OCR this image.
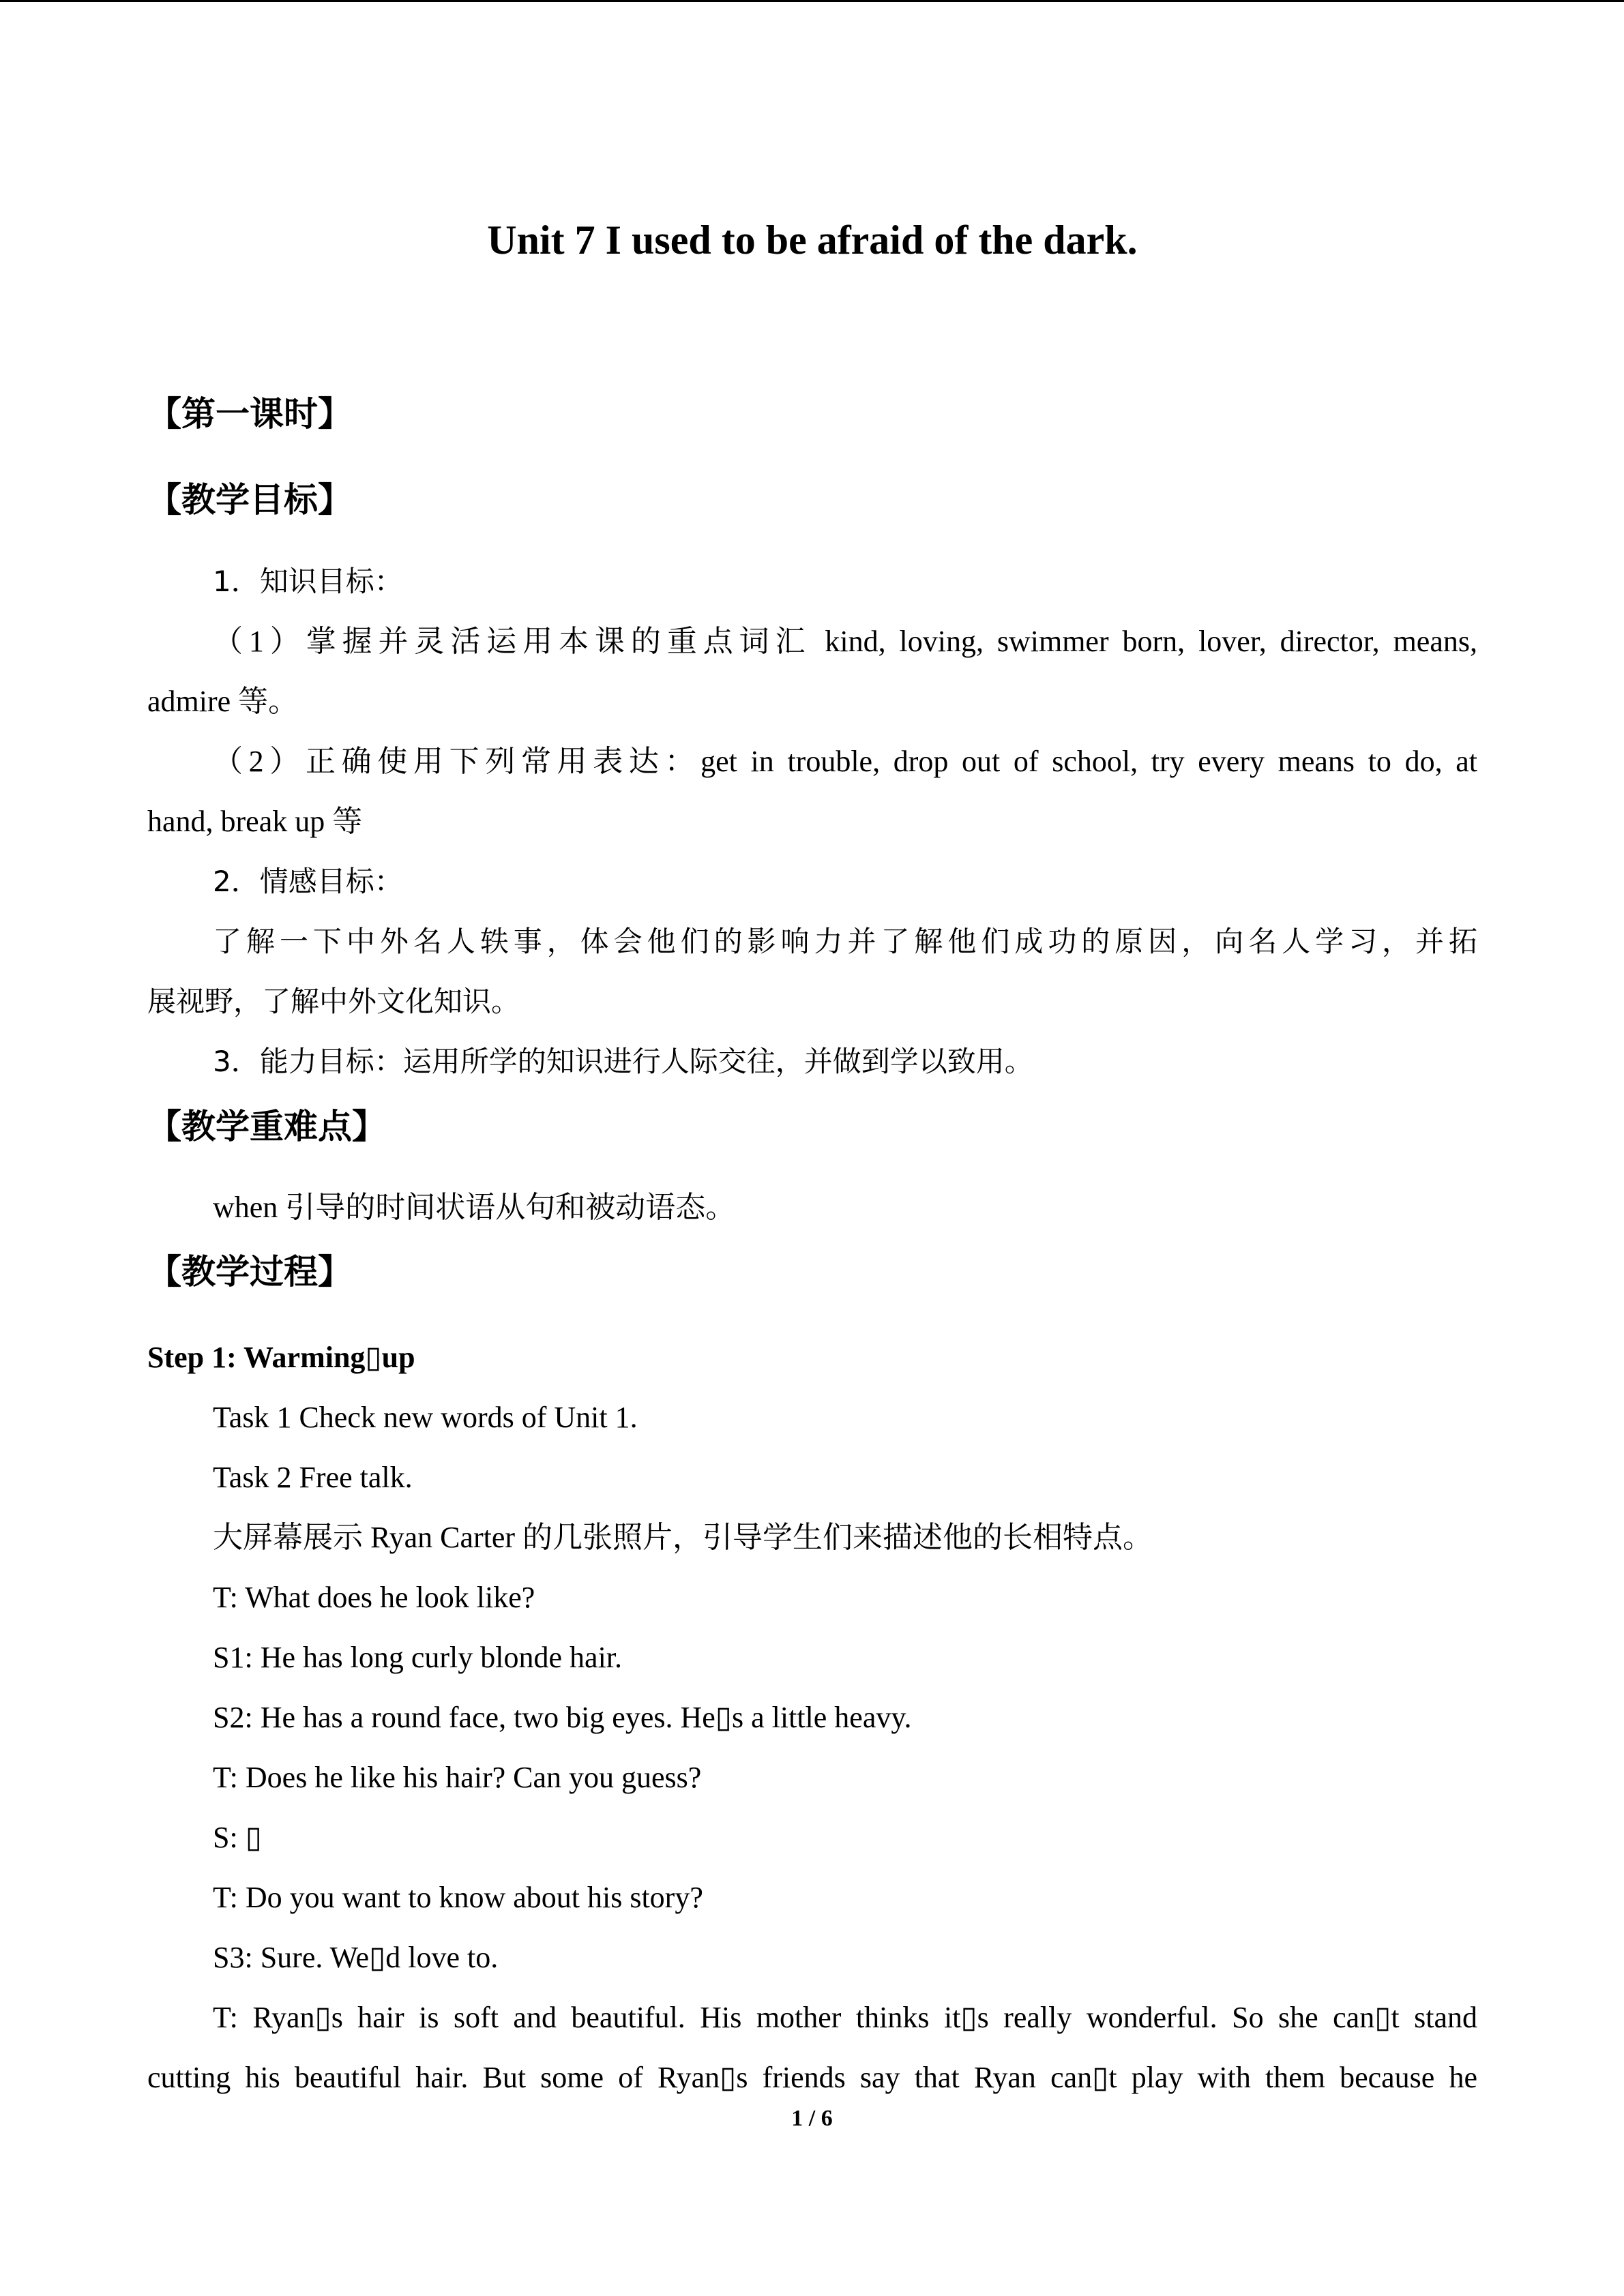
Unit 7 I used to be afraid of the dark.
【第一课时】
【教学目标】
1．知识目标：
（1）掌握并灵活运用本课的重点词汇 kind, loving, swimmer born, lover, director, means,
admire 等。
（2）正确使用下列常用表达：get in trouble, drop out of school, try every means to do, at
hand, break up 等
2．情感目标：
了解一下中外名人轶事，体会他们的影响力并了解他们成功的原因，向名人学习，并拓
展视野，了解中外文化知识。
3．能力目标：运用所学的知识进行人际交往，并做到学以致用。
【教学重难点】
when 引导的时间状语从句和被动语态。
【教学过程】
Step 1: Warming▯up
Task 1 Check new words of Unit 1.
Task 2 Free talk.
大屏幕展示 Ryan Carter 的几张照片，引导学生们来描述他的长相特点。
T: What does he look like?
S1: He has long curly blonde hair.
S2: He has a round face, two big eyes. He▯s a little heavy.
T: Does he like his hair? Can you guess?
S: ▯
T: Do you want to know about his story?
S3: Sure. We▯d love to.
T: Ryan▯s hair is soft and beautiful. His mother thinks it▯s really wonderful. So she can▯t stand
cutting his beautiful hair. But some of Ryan▯s friends say that Ryan can▯t play with them because he
1 / 6
